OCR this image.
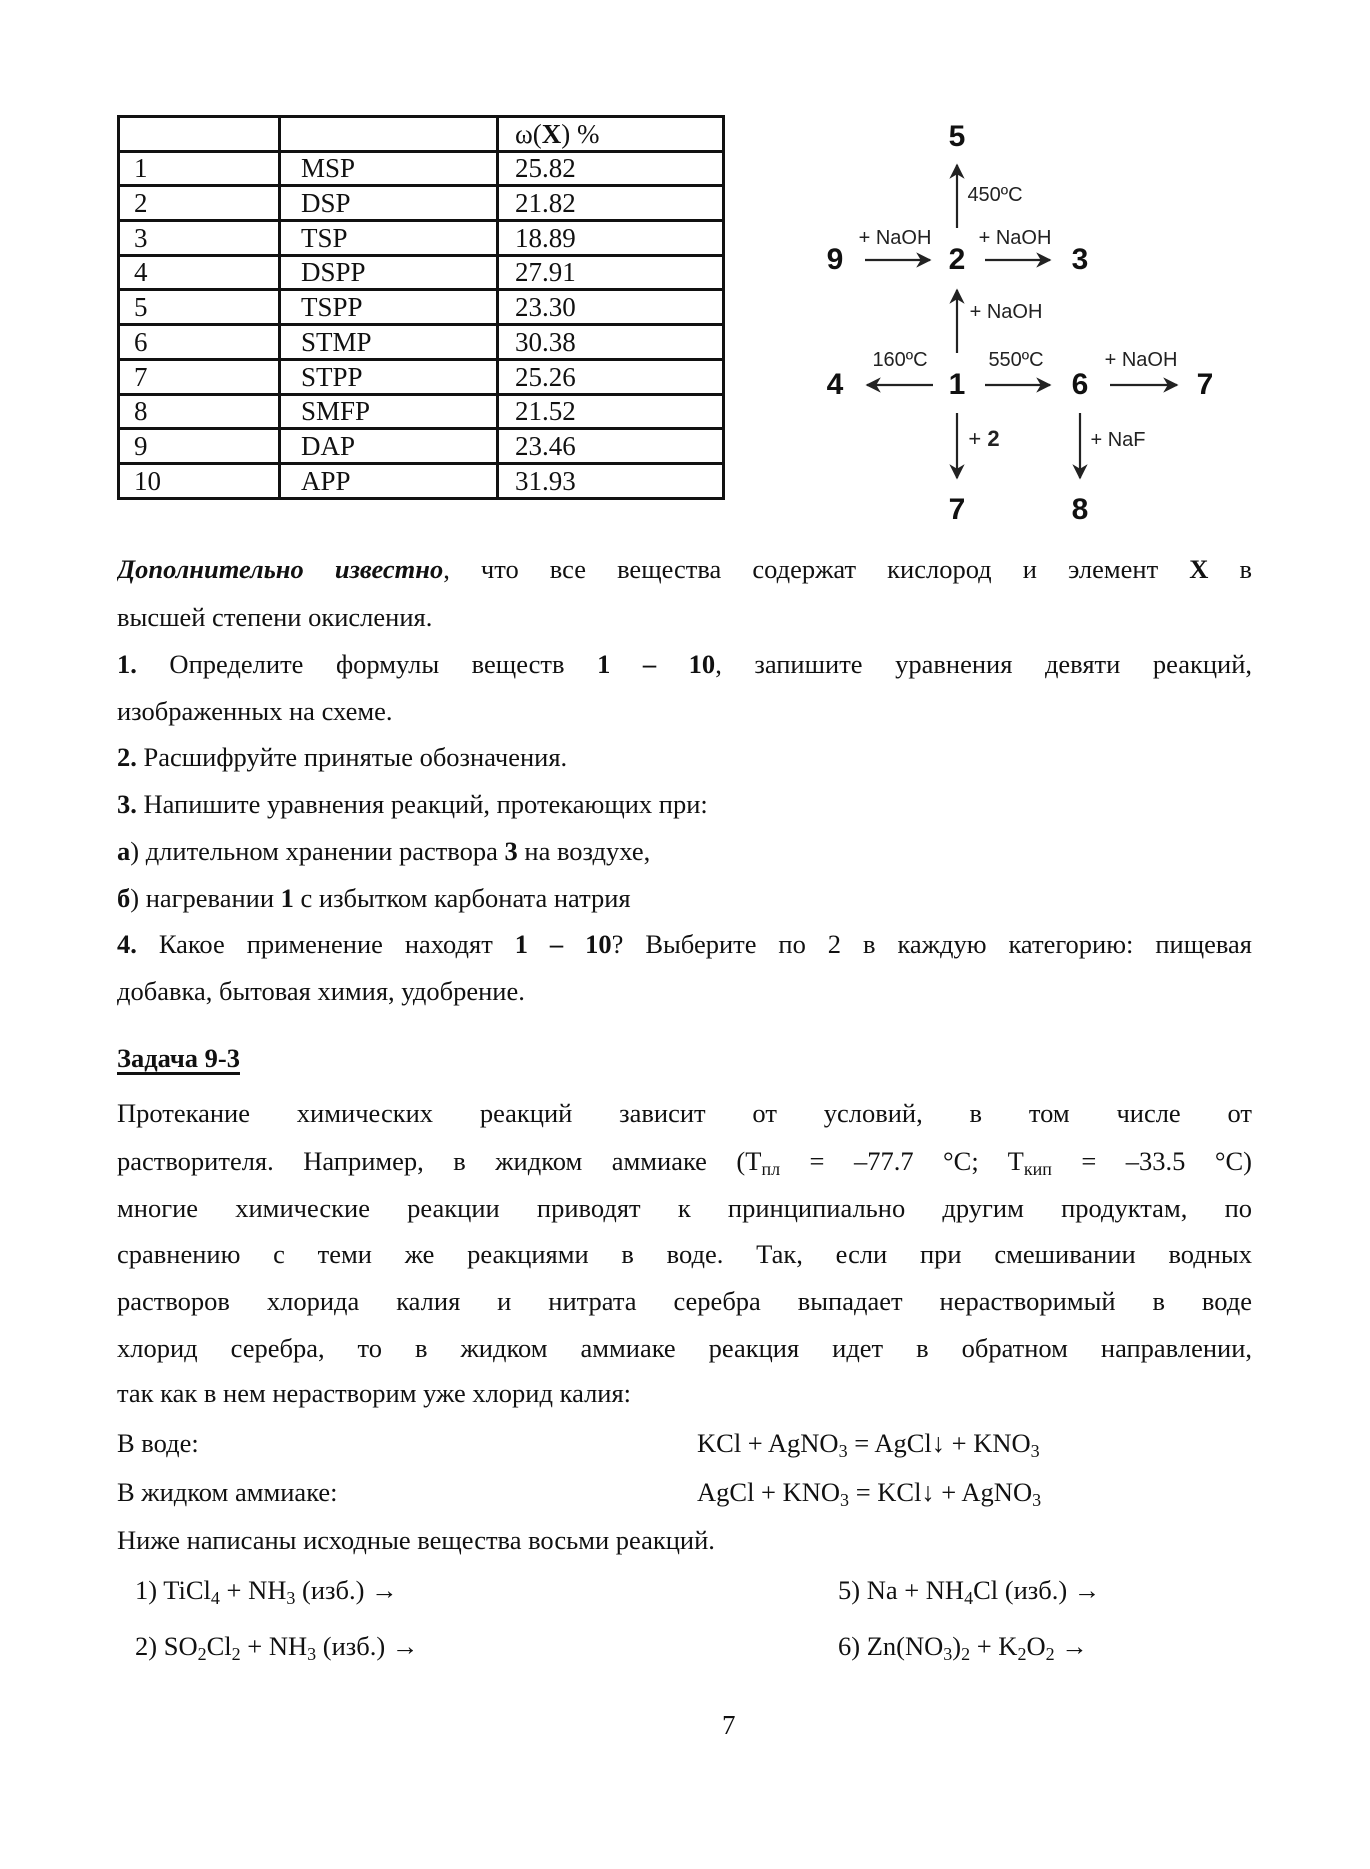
		ω(X) %
1	MSP	25.82
2	DSP	21.82
3	TSP	18.89
4	DSPP	27.91
5	TSPP	23.30
6	STMP	30.38
7	STPP	25.26
8	SMFP	21.52
9	DAP	23.46
10	APP	31.93
5
9	2	3
4	1	6	7
7	8
450ºC
+ NaOH + NaOH
+ NaOH
160ºC	550ºC	+ NaOH
+ 2	+ NaF
Дополнительно известно, что все вещества содержат кислород и элемент X в
высшей степени окисления.
1. Определите формулы веществ 1 – 10, запишите уравнения девяти реакций,
изображенных на схеме.
2. Расшифруйте принятые обозначения.
3. Напишите уравнения реакций, протекающих при:
а) длительном хранении раствора 3 на воздухе,
б) нагревании 1 с избытком карбоната натрия
4. Какое применение находят 1 – 10? Выберите по 2 в каждую категорию: пищевая
добавка, бытовая химия, удобрение.
Задача 9-3
Протекание химических реакций зависит от условий, в том числе от
растворителя. Например, в жидком аммиаке ($T_{пл} = -77.7$ °C; $T_{кип} = -33.5$ °C)
многие химические реакции приводят к принципиально другим продуктам, по
сравнению с теми же реакциями в воде. Так, если при смешивании водных
растворов хлорида калия и нитрата серебра выпадает нерастворимый в воде
хлорид серебра, то в жидком аммиаке реакция идет в обратном направлении,
так как в нем нерастворим уже хлорид калия:
В воде:	KCl + AgNO$_3$ = AgCl↓ + $KNO_3$
В жидком аммиаке:	AgCl + $KNO_3$ = KCl↓ + AgNO$_3$
Ниже написаны исходные вещества восьми реакций.
1) TiCl$_4$ + $NH_3$ (изб.) →	5) $Na + NH_4Cl$ (изб.) →
2) $SO_2Cl_2 + NH_3$ (изб.) →	6) $Zn(NO_3)_2 + K_2O_2$ →
7
